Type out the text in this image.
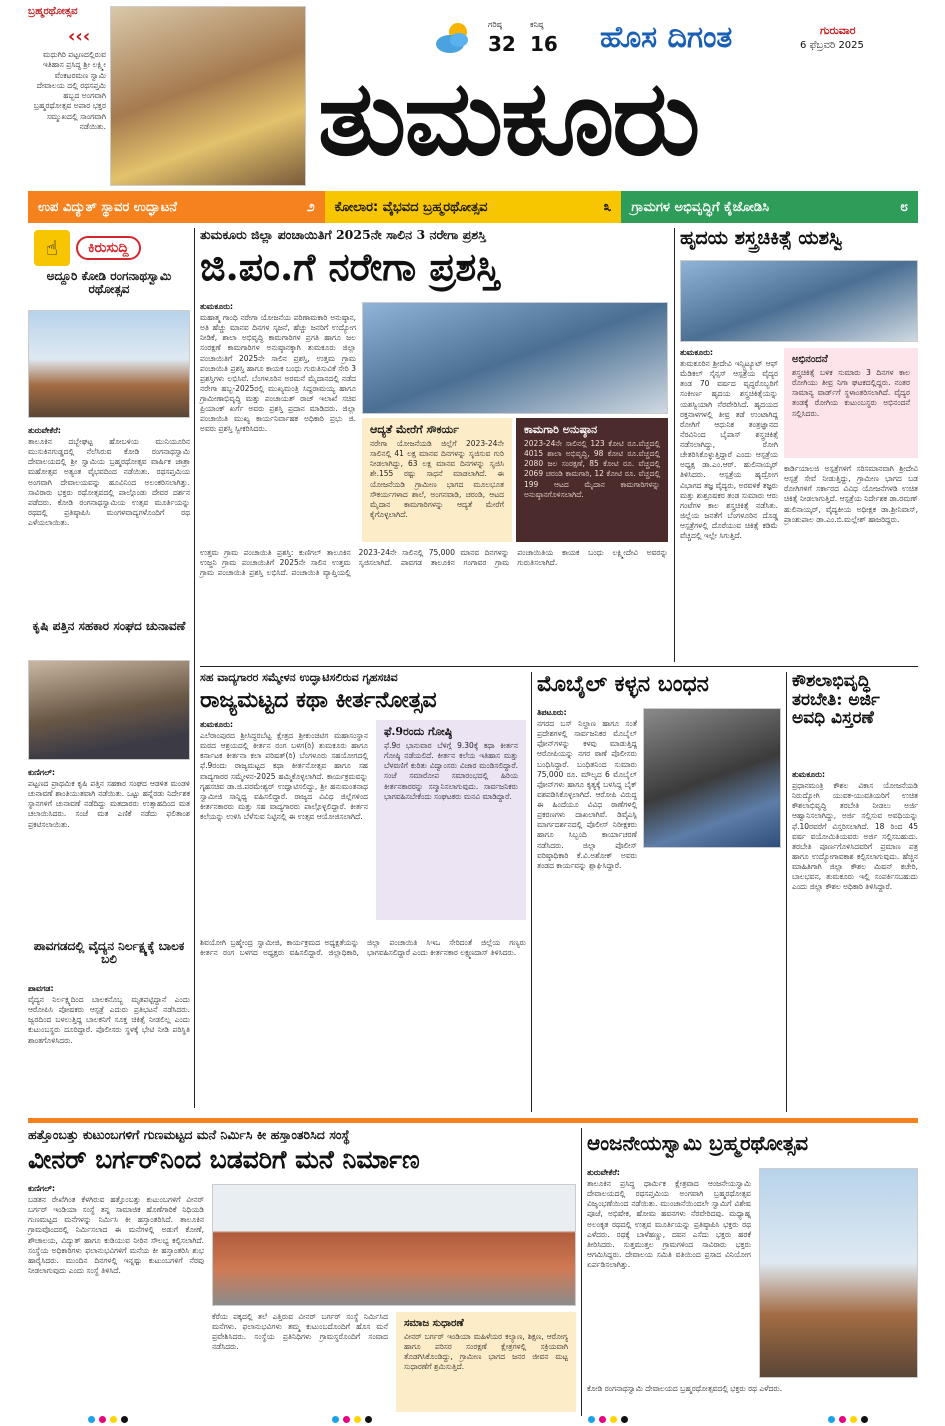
ಬ್ರಹ್ಮರಥೋತ್ಸವ
‹‹‹
ಮಧುಗಿರಿ ಪಟ್ಟಣದಲ್ಲಿರುವ ಇತಿಹಾಸ ಪ್ರಸಿದ್ಧ ಶ್ರೀ ಲಕ್ಷ್ಮೀ ವೆಂಕಟರಮಣ ಸ್ವಾಮಿ ದೇವಾಲಯ ದಲ್ಲಿ ರಥಸಪ್ತಮಿ ಹಬ್ಬದ ಅಂಗವಾಗಿ ಬ್ರಹ್ಮರಥೋತ್ಸವ ಅಪಾರ ಭಕ್ತರ ಸಮ್ಮುಖದಲ್ಲಿ ಸಾಂಗವಾಗಿ ನಡೆಯಿತು.
ಗರಿಷ್ಠ
32
ಕನಿಷ್ಠ
16 ಹೊಸ ದಿಗಂತ	ಗುರುವಾರ
6 ಫೆಬ್ರವರಿ 2025
ತುಮಕೂರು
ಉಪ ವಿದ್ಯುತ್ ಸ್ಥಾವರ ಉದ್ಘಾಟನೆ	೨	ಕೋಲಾರ: ವೈಭವದ ಬ್ರಹ್ಮರಥೋತ್ಸವ	೩	ಗ್ರಾಮಗಳ ಅಭಿವೃದ್ಧಿಗೆ ಕೈಜೋಡಿಸಿ	೮
☝	ಕಿರುಸುದ್ದಿ
ಅದ್ದೂರಿ ಕೋಡಿ ರಂಗನಾಥಸ್ವಾಮಿ ರಥೋತ್ಸವ
ತುರುವೇಕೆರೆ:
ತಾಲೂಕಿನ ದಬ್ಬೇಘಟ್ಟ ಹೋಬಳಿಯ ಮುನಿಯೂರಿನ ಮುಸುಕಿನಗುಡ್ಡದಲ್ಲಿ ನೆಲೆಸಿರುವ ಕೋಡಿ ರಂಗನಾಥಸ್ವಾಮಿ ದೇವಾಲಯದಲ್ಲಿ ಶ್ರೀ ಸ್ವಾಮಿಯ ಬ್ರಹ್ಮರಥೋತ್ಸವ ವಾರ್ಷಿಕ ಜಾತ್ರಾ ಮಹೋತ್ಸವ ಅತ್ಯಂತ ವೈಭವದಿಂದ ನಡೆಯಿತು. ರಥಸಪ್ತಮಿಯ ಅಂಗವಾಗಿ ದೇವಾಲಯವನ್ನು ಹೂವಿನಿಂದ ಅಲಂಕರಿಸಲಾಗಿತ್ತು. ಸಾವಿರಾರು ಭಕ್ತರು ರಥೋತ್ಸವದಲ್ಲಿ ಪಾಲ್ಗೊಂಡು ದೇವರ ದರ್ಶನ ಪಡೆದರು. ಕೋಡಿ ರಂಗನಾಥಸ್ವಾಮಿಯ ಉತ್ಸವ ಮೂರ್ತಿಯನ್ನು ರಥದಲ್ಲಿ ಪ್ರತಿಷ್ಠಾಪಿಸಿ ಮಂಗಳವಾದ್ಯಗಳೊಂದಿಗೆ ರಥ ಎಳೆಯಲಾಯಿತು.
ಕೃಷಿ ಪತ್ತಿನ ಸಹಕಾರ ಸಂಘದ ಚುನಾವಣೆ
ಕುಣಿಗಲ್:
ಪಟ್ಟಣದ ಪ್ರಾಥಮಿಕ ಕೃಷಿ ಪತ್ತಿನ ಸಹಕಾರ ಸಂಘದ ಆಡಳಿತ ಮಂಡಳಿ ಚುನಾವಣೆ ಶಾಂತಿಯುತವಾಗಿ ನಡೆಯಿತು. ಒಟ್ಟು ಹನ್ನೆರಡು ನಿರ್ದೇಶಕ ಸ್ಥಾನಗಳಿಗೆ ಚುನಾವಣೆ ನಡೆದಿದ್ದು ಮತದಾರರು ಉತ್ಸಾಹದಿಂದ ಮತ ಚಲಾಯಿಸಿದರು. ಸಂಜೆ ಮತ ಎಣಿಕೆ ನಡೆದು ಫಲಿತಾಂಶ ಪ್ರಕಟಿಸಲಾಯಿತು.
ಪಾವಗಡದಲ್ಲಿ ವೈದ್ಯನ ನಿರ್ಲಕ್ಷ್ಯಕ್ಕೆ ಬಾಲಕ ಬಲಿ
ಪಾವಗಡ:
ವೈದ್ಯನ ನಿರ್ಲಕ್ಷ್ಯದಿಂದ ಬಾಲಕನೊಬ್ಬ ಮೃತಪಟ್ಟಿದ್ದಾನೆ ಎಂದು ಆರೋಪಿಸಿ ಪೋಷಕರು ಆಸ್ಪತ್ರೆ ಎದುರು ಪ್ರತಿಭಟನೆ ನಡೆಸಿದರು. ಜ್ವರದಿಂದ ಬಳಲುತ್ತಿದ್ದ ಬಾಲಕನಿಗೆ ಸೂಕ್ತ ಚಿಕಿತ್ಸೆ ನೀಡಲಿಲ್ಲ ಎಂದು ಕುಟುಂಬಸ್ಥರು ದೂರಿದ್ದಾರೆ. ಪೊಲೀಸರು ಸ್ಥಳಕ್ಕೆ ಭೇಟಿ ನೀಡಿ ಪರಿಸ್ಥಿತಿ ಶಾಂತಗೊಳಿಸಿದರು.
ತುಮಕೂರು ಜಿಲ್ಲಾ ಪಂಚಾಯಿತಿಗೆ 2025ನೇ ಸಾಲಿನ 3 ನರೇಗಾ ಪ್ರಶಸ್ತಿ
ಜಿ.ಪಂ.ಗೆ ನರೇಗಾ ಪ್ರಶಸ್ತಿ
ತುಮಕೂರು:
ಮಹಾತ್ಮ ಗಾಂಧಿ ನರೇಗಾ ಯೋಜನೆಯ ಪರಿಣಾಮಕಾರಿ ಅನುಷ್ಠಾನ, ಅತಿ ಹೆಚ್ಚು ಮಾನವ ದಿನಗಳ ಸೃಜನೆ, ಹೆಚ್ಚು ಜನರಿಗೆ ಉದ್ಯೋಗ ನೀಡಿಕೆ, ಶಾಲಾ ಅಭಿವೃದ್ಧಿ ಕಾಮಗಾರಿಗಳ ಪ್ರಗತಿ ಹಾಗೂ ಜಲ ಸಂರಕ್ಷಣೆ ಕಾಮಗಾರಿಗಳ ಅನುಷ್ಠಾನಕ್ಕಾಗಿ ತುಮಕೂರು ಜಿಲ್ಲಾ ಪಂಚಾಯಿತಿಗೆ 2025ನೇ ಸಾಲಿನ ಪ್ರಶಸ್ತಿ, ಉತ್ತಮ ಗ್ರಾಮ ಪಂಚಾಯಿತಿ ಪ್ರಶಸ್ತಿ ಹಾಗೂ ಕಾಯಕ ಬಂಧು ಗುರುತಿಸುವಿಕೆ ಸೇರಿ 3 ಪ್ರಶಸ್ತಿಗಳು ಲಭಿಸಿವೆ. ಬೆಂಗಳೂರಿನ ಅರಮನೆ ಮೈದಾನದಲ್ಲಿ ನಡೆದ ನರೇಗಾ ಹಬ್ಬ-2025ರಲ್ಲಿ ಮುಖ್ಯಮಂತ್ರಿ ಸಿದ್ದರಾಮಯ್ಯ ಹಾಗೂ ಗ್ರಾಮೀಣಾಭಿವೃದ್ಧಿ ಮತ್ತು ಪಂಚಾಯತ್ ರಾಜ್ ಇಲಾಖೆ ಸಚಿವ ಪ್ರಿಯಾಂಕ್ ಖರ್ಗೆ ಅವರು ಪ್ರಶಸ್ತಿ ಪ್ರದಾನ ಮಾಡಿದರು. ಜಿಲ್ಲಾ ಪಂಚಾಯಿತಿ ಮುಖ್ಯ ಕಾರ್ಯನಿರ್ವಾಹಕ ಅಧಿಕಾರಿ ಪ್ರಭು ಜಿ. ಅವರು ಪ್ರಶಸ್ತಿ ಸ್ವೀಕರಿಸಿದರು.	ಆದ್ಯತೆ ಮೇರೆಗೆ ಸೌಕರ್ಯ
ನರೇಗಾ ಯೋಜನೆಯಡಿ ಜಿಲ್ಲೆಗೆ 2023-24ನೇ ಸಾಲಿನಲ್ಲಿ 41 ಲಕ್ಷ ಮಾನವ ದಿನಗಳನ್ನು ಸೃಜಿಸುವ ಗುರಿ ನೀಡಲಾಗಿದ್ದು, 63 ಲಕ್ಷ ಮಾನವ ದಿನಗಳನ್ನು ಸೃಜಿಸಿ ಶೇ.155 ರಷ್ಟು ಸಾಧನೆ ಮಾಡಲಾಗಿದೆ. ಈ ಯೋಜನೆಯಡಿ ಗ್ರಾಮೀಣ ಭಾಗದ ಮೂಲಭೂತ ಸೌಕರ್ಯಗಳಾದ ಶಾಲೆ, ಅಂಗನವಾಡಿ, ಚರಂಡಿ, ಆಟದ ಮೈದಾನ ಕಾಮಗಾರಿಗಳನ್ನು ಆದ್ಯತೆ ಮೇರೆಗೆ ಕೈಗೊಳ್ಳಲಾಗಿದೆ.
ಕಾಮಗಾರಿ ಅನುಷ್ಠಾನ
2023-24ನೇ ಸಾಲಿನಲ್ಲಿ 123 ಕೋಟಿ ರೂ.ವೆಚ್ಚದಲ್ಲಿ 4015 ಶಾಲಾ ಅಭಿವೃದ್ಧಿ, 98 ಕೋಟಿ ರೂ.ವೆಚ್ಚದಲ್ಲಿ 2080 ಜಲ ಸಂರಕ್ಷಣೆ, 85 ಕೋಟಿ ರೂ. ವೆಚ್ಚದಲ್ಲಿ 2069 ಚರಂಡಿ ಕಾಮಗಾರಿ, 12 ಕೋಟಿ ರೂ. ವೆಚ್ಚದಲ್ಲಿ 199 ಆಟದ ಮೈದಾನ ಕಾಮಗಾರಿಗಳನ್ನು ಅನುಷ್ಠಾನಗೊಳಿಸಲಾಗಿದೆ.
ಉತ್ತಮ ಗ್ರಾಮ ಪಂಚಾಯಿತಿ ಪ್ರಶಸ್ತಿ: ಕುಣಿಗಲ್ ತಾಲೂಕಿನ ಉಜ್ಜನಿ ಗ್ರಾಮ ಪಂಚಾಯಿತಿಗೆ 2025ನೇ ಸಾಲಿನ ಉತ್ತಮ ಗ್ರಾಮ ಪಂಚಾಯಿತಿ ಪ್ರಶಸ್ತಿ ಲಭಿಸಿದೆ. ಪಂಚಾಯಿತಿ ವ್ಯಾಪ್ತಿಯಲ್ಲಿ 2023-24ನೇ ಸಾಲಿನಲ್ಲಿ 75,000 ಮಾನವ ದಿನಗಳನ್ನು ಸೃಜಿಸಲಾಗಿದೆ. ಪಾವಗಡ ತಾಲೂಕಿನ ಗಂಗಾವರ ಗ್ರಾಮ ಪಂಚಾಯಿತಿಯ ಕಾಯಕ ಬಂಧು ಲಕ್ಷ್ಮೀದೇವಿ ಅವರನ್ನು ಗುರುತಿಸಲಾಗಿದೆ.
ಹೃದಯ ಶಸ್ತ್ರಚಿಕಿತ್ಸೆ ಯಶಸ್ವಿ
ತುಮಕೂರು:
ತುಮಕೂರಿನ ಶ್ರೀದೇವಿ ಇನ್ಸ್ಟಿಟ್ಯೂಟ್ ಆಫ್ ಮೆಡಿಕಲ್ ಸೈನ್ಸಸ್ ಆಸ್ಪತ್ರೆಯ ವೈದ್ಯರ ತಂಡ 70 ವರ್ಷದ ವೃದ್ಧರೊಬ್ಬರಿಗೆ ಸಂಕೀರ್ಣ ಹೃದಯ ಶಸ್ತ್ರಚಿಕಿತ್ಸೆಯನ್ನು ಯಶಸ್ವಿಯಾಗಿ ನೆರವೇರಿಸಿದೆ. ಹೃದಯದ ರಕ್ತನಾಳಗಳಲ್ಲಿ ತೀವ್ರ ತಡೆ ಉಂಟಾಗಿದ್ದ ರೋಗಿಗೆ ಆಧುನಿಕ ತಂತ್ರಜ್ಞಾನದ ನೆರವಿನಿಂದ ಬೈಪಾಸ್ ಶಸ್ತ್ರಚಿಕಿತ್ಸೆ ನಡೆಸಲಾಗಿದ್ದು, ರೋಗಿ ಚೇತರಿಸಿಕೊಳ್ಳುತ್ತಿದ್ದಾರೆ ಎಂದು ಆಸ್ಪತ್ರೆಯ ಅಧ್ಯಕ್ಷ ಡಾ.ಎಂ.ಆರ್. ಹುಲಿನಾಯ್ಕರ್ ತಿಳಿಸಿದರು. ಆಸ್ಪತ್ರೆಯ ಹೃದ್ರೋಗ ವಿಭಾಗದ ತಜ್ಞ ವೈದ್ಯರು, ಅರವಳಿಕೆ ತಜ್ಞರು ಮತ್ತು ಶುಶ್ರೂಷಕರ ತಂಡ ಸುಮಾರು ಆರು ಗಂಟೆಗಳ ಕಾಲ ಶಸ್ತ್ರಚಿಕಿತ್ಸೆ ನಡೆಸಿತು. ಜಿಲ್ಲೆಯ ಜನತೆಗೆ ಬೆಂಗಳೂರಿನ ದೊಡ್ಡ ಆಸ್ಪತ್ರೆಗಳಲ್ಲಿ ದೊರೆಯುವ ಚಿಕಿತ್ಸೆ ಕಡಿಮೆ ವೆಚ್ಚದಲ್ಲಿ ಇಲ್ಲೇ ಸಿಗುತ್ತಿದೆ.
ಅಭಿನಂದನೆ
ಶಸ್ತ್ರಚಿಕಿತ್ಸೆ ಬಳಿಕ ಸುಮಾರು 3 ದಿನಗಳ ಕಾಲ ರೋಗಿಯು ತೀವ್ರ ನಿಗಾ ಘಟಕದಲ್ಲಿದ್ದರು. ನಂತರ ಸಾಮಾನ್ಯ ವಾರ್ಡ್‌ಗೆ ಸ್ಥಳಾಂತರಿಸಲಾಗಿದೆ. ವೈದ್ಯರ ತಂಡಕ್ಕೆ ರೋಗಿಯ ಕುಟುಂಬಸ್ಥರು ಅಭಿನಂದನೆ ಸಲ್ಲಿಸಿದರು.
ಕಾರ್ಡಿಯಾಲಜಿ ಅಸ್ಪತ್ರೆಗಳಿಗೆ ಸರಿಸಮಾನವಾಗಿ ಶ್ರೀದೇವಿ ಆಸ್ಪತ್ರೆ ಸೇವೆ ನೀಡುತ್ತಿದ್ದು, ಗ್ರಾಮೀಣ ಭಾಗದ ಬಡ ರೋಗಿಗಳಿಗೆ ಸರ್ಕಾರದ ವಿವಿಧ ಯೋಜನೆಗಳಡಿ ಉಚಿತ ಚಿಕಿತ್ಸೆ ನೀಡಲಾಗುತ್ತಿದೆ. ಆಸ್ಪತ್ರೆಯ ನಿರ್ದೇಶಕ ಡಾ.ರಮಣ್ ಹುಲಿನಾಯ್ಕರ್, ವೈದ್ಯಕೀಯ ಅಧೀಕ್ಷಕ ಡಾ.ಶ್ರೀನಿವಾಸ್, ಪ್ರಾಂಶುಪಾಲ ಡಾ.ಎಂ.ಬಿ.ಮಲ್ಲೇಶ್ ಹಾಜರಿದ್ದರು.
ಸಹ ವಾದ್ಯಗಾರರ ಸಮ್ಮೇಳನ ಉದ್ಘಾಟಿಸಲಿರುವ ಗೃಹಸಚಿವ
ರಾಜ್ಯಮಟ್ಟದ ಕಥಾ ಕೀರ್ತನೋತ್ಸವ
ತುಮಕೂರು:
ಎಲೆರಾಂಪುರದ ಶ್ರೀಸಿದ್ಧರಬೆಟ್ಟ ಕ್ಷೇತ್ರದ ಶ್ರೀಕುಂಚಿಟಿಗ ಮಹಾಸಂಸ್ಥಾನ ಮಠದ ಆಶ್ರಯದಲ್ಲಿ ಕೀರ್ತನ ರಂಗ ಬಳಗ(ರಿ) ತುಮಕೂರು ಹಾಗೂ ಕರ್ನಾಟಕ ಕೀರ್ತನಾ ಕಲಾ ಪರಿಷತ್(ರಿ) ಬೆಂಗಳೂರು ಸಹಯೋಗದಲ್ಲಿ ಫೆ.9ರಂದು ರಾಜ್ಯಮಟ್ಟದ ಕಥಾ ಕೀರ್ತನೋತ್ಸವ ಹಾಗೂ ಸಹ ವಾದ್ಯಗಾರರ ಸಮ್ಮೇಳನ-2025 ಹಮ್ಮಿಕೊಳ್ಳಲಾಗಿದೆ. ಕಾರ್ಯಕ್ರಮವನ್ನು ಗೃಹಸಚಿವ ಡಾ.ಜಿ.ಪರಮೇಶ್ವರ್ ಉದ್ಘಾಟಿಸಲಿದ್ದು, ಶ್ರೀ ಹನುಮಂತನಾಥ ಸ್ವಾಮೀಜಿ ಸಾನ್ನಿಧ್ಯ ವಹಿಸಲಿದ್ದಾರೆ. ರಾಜ್ಯದ ವಿವಿಧ ಜಿಲ್ಲೆಗಳಿಂದ ಕೀರ್ತನಕಾರರು ಮತ್ತು ಸಹ ವಾದ್ಯಗಾರರು ಪಾಲ್ಗೊಳ್ಳಲಿದ್ದಾರೆ. ಕೀರ್ತನ ಕಲೆಯನ್ನು ಉಳಿಸಿ ಬೆಳೆಸುವ ನಿಟ್ಟಿನಲ್ಲಿ ಈ ಉತ್ಸವ ಆಯೋಜಿಸಲಾಗಿದೆ.
ಫೆ.9ರಂದು ಗೋಷ್ಠಿ
ಫೆ.9ರ ಭಾನುವಾರ ಬೆಳಿಗ್ಗೆ 9.30ಕ್ಕೆ ಕಥಾ ಕೀರ್ತನ ಗೋಷ್ಠಿ ನಡೆಯಲಿದೆ. ಕೀರ್ತನ ಕಲೆಯ ಇತಿಹಾಸ ಮತ್ತು ಬೆಳವಣಿಗೆ ಕುರಿತು ವಿದ್ವಾಂಸರು ವಿಚಾರ ಮಂಡಿಸಲಿದ್ದಾರೆ. ಸಂಜೆ ಸಮಾರೋಪ ಸಮಾರಂಭದಲ್ಲಿ ಹಿರಿಯ ಕೀರ್ತನಕಾರರನ್ನು ಸನ್ಮಾನಿಸಲಾಗುವುದು. ಸಾರ್ವಜನಿಕರು ಭಾಗವಹಿಸಬೇಕೆಂದು ಸಂಘಟಕರು ಮನವಿ ಮಾಡಿದ್ದಾರೆ.
ಶಿವಯೋಗಿ ಬ್ರಹ್ಮೇಂದ್ರ ಸ್ವಾಮೀಜಿ, ಕಾರ್ಯಕ್ರಮದ ಅಧ್ಯಕ್ಷತೆಯನ್ನು ಕೀರ್ತನ ರಂಗ ಬಳಗದ ಅಧ್ಯಕ್ಷರು ವಹಿಸಲಿದ್ದಾರೆ. ಜಿಲ್ಲಾಧಿಕಾರಿ, ಜಿಲ್ಲಾ ಪಂಚಾಯಿತಿ ಸಿಇಒ ಸೇರಿದಂತೆ ಜಿಲ್ಲೆಯ ಗಣ್ಯರು ಭಾಗವಹಿಸಲಿದ್ದಾರೆ ಎಂದು ಕೀರ್ತನಕಾರ ಲಕ್ಷ್ಮಣದಾಸ್ ತಿಳಿಸಿದರು.
ಮೊಬೈಲ್ ಕಳ್ಳನ ಬಂಧನ
ತಿಪಟೂರು:
ನಗರದ ಬಸ್ ನಿಲ್ದಾಣ ಹಾಗೂ ಸಂತೆ ಪ್ರದೇಶಗಳಲ್ಲಿ ಸಾರ್ವಜನಿಕರ ಮೊಬೈಲ್ ಫೋನ್‌ಗಳನ್ನು ಕಳವು ಮಾಡುತ್ತಿದ್ದ ಆರೋಪಿಯನ್ನು ನಗರ ಠಾಣೆ ಪೊಲೀಸರು ಬಂಧಿಸಿದ್ದಾರೆ. ಬಂಧಿತನಿಂದ ಸುಮಾರು 75,000 ರೂ. ಮೌಲ್ಯದ 6 ಮೊಬೈಲ್ ಫೋನ್‌ಗಳು ಹಾಗೂ ಕೃತ್ಯಕ್ಕೆ ಬಳಸಿದ್ದ ಬೈಕ್ ವಶಪಡಿಸಿಕೊಳ್ಳಲಾಗಿದೆ. ಆರೋಪಿ ವಿರುದ್ಧ ಈ ಹಿಂದೆಯೂ ವಿವಿಧ ಠಾಣೆಗಳಲ್ಲಿ ಪ್ರಕರಣಗಳು ದಾಖಲಾಗಿವೆ. ಡಿವೈಎಸ್ಪಿ ಮಾರ್ಗದರ್ಶನದಲ್ಲಿ ಪೊಲೀಸ್ ನಿರೀಕ್ಷಕರು ಹಾಗೂ ಸಿಬ್ಬಂದಿ ಕಾರ್ಯಾಚರಣೆ ನಡೆಸಿದರು. ಜಿಲ್ಲಾ ಪೊಲೀಸ್ ವರಿಷ್ಠಾಧಿಕಾರಿ ಕೆ.ವಿ.ಅಶೋಕ್ ಅವರು ತಂಡದ ಕಾರ್ಯವನ್ನು ಶ್ಲಾಘಿಸಿದ್ದಾರೆ.
ಕೌಶಲಾಭಿವೃದ್ಧಿ ತರಬೇತಿ: ಅರ್ಜಿ ಅವಧಿ ವಿಸ್ತರಣೆ
ತುಮಕೂರು:
ಪ್ರಧಾನಮಂತ್ರಿ ಕೌಶಲ ವಿಕಾಸ ಯೋಜನೆಯಡಿ ನಿರುದ್ಯೋಗಿ ಯುವಕ-ಯುವತಿಯರಿಗೆ ಉಚಿತ ಕೌಶಲಾಭಿವೃದ್ಧಿ ತರಬೇತಿ ನೀಡಲು ಅರ್ಜಿ ಆಹ್ವಾನಿಸಲಾಗಿದ್ದು, ಅರ್ಜಿ ಸಲ್ಲಿಸುವ ಅವಧಿಯನ್ನು ಫೆ.10ರವರೆಗೆ ವಿಸ್ತರಿಸಲಾಗಿದೆ. 18 ರಿಂದ 45 ವರ್ಷ ವಯೋಮಿತಿಯವರು ಅರ್ಜಿ ಸಲ್ಲಿಸಬಹುದು. ತರಬೇತಿ ಪೂರ್ಣಗೊಳಿಸಿದವರಿಗೆ ಪ್ರಮಾಣ ಪತ್ರ ಹಾಗೂ ಉದ್ಯೋಗಾವಕಾಶ ಕಲ್ಪಿಸಲಾಗುವುದು. ಹೆಚ್ಚಿನ ಮಾಹಿತಿಗಾಗಿ ಜಿಲ್ಲಾ ಕೌಶಲ ಮಿಷನ್ ಕಚೇರಿ, ಬಾಲಭವನ, ತುಮಕೂರು ಇಲ್ಲಿ ಸಂಪರ್ಕಿಸಬಹುದು ಎಂದು ಜಿಲ್ಲಾ ಕೌಶಲ ಅಧಿಕಾರಿ ತಿಳಿಸಿದ್ದಾರೆ.
ಹತ್ತೊಂಬತ್ತು ಕುಟುಂಬಗಳಿಗೆ ಗುಣಮಟ್ಟದ ಮನೆ ನಿರ್ಮಿಸಿ ಕೀ ಹಸ್ತಾಂತರಿಸಿದ ಸಂಸ್ಥೆ
ವೀನರ್ ಬರ್ಗರ್‌ನಿಂದ ಬಡವರಿಗೆ ಮನೆ ನಿರ್ಮಾಣ
ಕುಣಿಗಲ್:
ಬಡತನ ರೇಖೆಗಿಂತ ಕೆಳಗಿರುವ ಹತ್ತೊಂಬತ್ತು ಕುಟುಂಬಗಳಿಗೆ ವೀನರ್ ಬರ್ಗರ್ ಇಂಡಿಯಾ ಸಂಸ್ಥೆ ತನ್ನ ಸಾಮಾಜಿಕ ಹೊಣೆಗಾರಿಕೆ ನಿಧಿಯಡಿ ಗುಣಮಟ್ಟದ ಮನೆಗಳನ್ನು ನಿರ್ಮಿಸಿ ಕೀ ಹಸ್ತಾಂತರಿಸಿದೆ. ತಾಲೂಕಿನ ಗ್ರಾಮವೊಂದರಲ್ಲಿ ನಿರ್ಮಿಸಲಾದ ಈ ಮನೆಗಳಲ್ಲಿ ಅಡುಗೆ ಕೋಣೆ, ಶೌಚಾಲಯ, ವಿದ್ಯುತ್ ಹಾಗೂ ಕುಡಿಯುವ ನೀರಿನ ಸೌಲಭ್ಯ ಕಲ್ಪಿಸಲಾಗಿದೆ. ಸಂಸ್ಥೆಯ ಅಧಿಕಾರಿಗಳು ಫಲಾನುಭವಿಗಳಿಗೆ ಮನೆಯ ಕೀ ಹಸ್ತಾಂತರಿಸಿ ಶುಭ ಹಾರೈಸಿದರು. ಮುಂದಿನ ದಿನಗಳಲ್ಲಿ ಇನ್ನಷ್ಟು ಕುಟುಂಬಗಳಿಗೆ ನೆರವು ನೀಡಲಾಗುವುದು ಎಂದು ಸಂಸ್ಥೆ ತಿಳಿಸಿದೆ.
ಕೆರೆಯ ಪಕ್ಕದಲ್ಲಿ ತಲೆ ಎತ್ತಿರುವ ವೀನರ್ ಬರ್ಗರ್ ಸಂಸ್ಥೆ ನಿರ್ಮಿಸಿದ ಮನೆಗಳು. ಫಲಾನುಭವಿಗಳು ತಮ್ಮ ಕುಟುಂಬದೊಂದಿಗೆ ಹೊಸ ಮನೆ ಪ್ರವೇಶಿಸಿದರು. ಸಂಸ್ಥೆಯ ಪ್ರತಿನಿಧಿಗಳು ಗ್ರಾಮಸ್ಥರೊಂದಿಗೆ ಸಂವಾದ ನಡೆಸಿದರು.
ಸಮಾಜ ಸುಧಾರಣೆ
ವೀನರ್ ಬರ್ಗರ್ ಇಂಡಿಯಾ ಮಹಿಳೆಯರ ಕಲ್ಯಾಣ, ಶಿಕ್ಷಣ, ಆರೋಗ್ಯ ಹಾಗೂ ಪರಿಸರ ಸಂರಕ್ಷಣೆ ಕ್ಷೇತ್ರಗಳಲ್ಲಿ ಸಕ್ರಿಯವಾಗಿ ತೊಡಗಿಸಿಕೊಂಡಿದ್ದು, ಗ್ರಾಮೀಣ ಭಾಗದ ಜನರ ಜೀವನ ಮಟ್ಟ ಸುಧಾರಣೆಗೆ ಶ್ರಮಿಸುತ್ತಿದೆ.
ಆಂಜನೇಯಸ್ವಾಮಿ ಬ್ರಹ್ಮರಥೋತ್ಸವ
ತುರುವೇಕೆರೆ:
ತಾಲೂಕಿನ ಪ್ರಸಿದ್ಧ ಧಾರ್ಮಿಕ ಕ್ಷೇತ್ರವಾದ ಆಂಜನೇಯಸ್ವಾಮಿ ದೇವಾಲಯದಲ್ಲಿ ರಥಸಪ್ತಮಿಯ ಅಂಗವಾಗಿ ಬ್ರಹ್ಮರಥೋತ್ಸವ ವಿಜೃಂಭಣೆಯಿಂದ ನಡೆಯಿತು. ಮುಂಜಾನೆಯಿಂದಲೇ ಸ್ವಾಮಿಗೆ ವಿಶೇಷ ಪೂಜೆ, ಅಭಿಷೇಕ, ಹೋಮ ಹವನಗಳು ನೆರವೇರಿದವು. ಮಧ್ಯಾಹ್ನ ಅಲಂಕೃತ ರಥದಲ್ಲಿ ಉತ್ಸವ ಮೂರ್ತಿಯನ್ನು ಪ್ರತಿಷ್ಠಾಪಿಸಿ ಭಕ್ತರು ರಥ ಎಳೆದರು. ರಥಕ್ಕೆ ಬಾಳೆಹಣ್ಣು, ದವನ ಎಸೆದು ಭಕ್ತರು ಹರಕೆ ತೀರಿಸಿದರು. ಸುತ್ತಮುತ್ತಲ ಗ್ರಾಮಗಳಿಂದ ಸಾವಿರಾರು ಭಕ್ತರು ಆಗಮಿಸಿದ್ದರು. ದೇವಾಲಯ ಸಮಿತಿ ವತಿಯಿಂದ ಪ್ರಸಾದ ವಿನಿಯೋಗ ಏರ್ಪಡಿಸಲಾಗಿತ್ತು.
ಕೋಡಿ ರಂಗನಾಥಸ್ವಾಮಿ ದೇವಾಲಯದ ಬ್ರಹ್ಮರಥೋತ್ಸವದಲ್ಲಿ ಭಕ್ತರು ರಥ ಎಳೆದರು.
